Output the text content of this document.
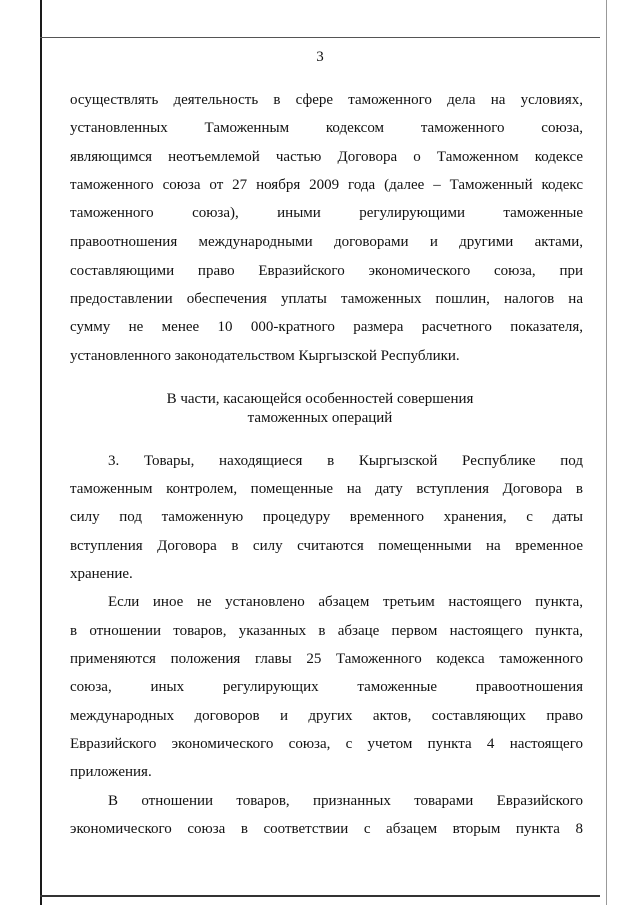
3
осуществлять деятельность в сфере таможенного дела на условиях,
установленных Таможенным кодексом таможенного союза,
являющимся неотъемлемой частью Договора о Таможенном кодексе
таможенного союза от 27 ноября 2009 года (далее – Таможенный кодекс
таможенного союза), иными регулирующими таможенные
правоотношения международными договорами и другими актами,
составляющими право Евразийского экономического союза, при
предоставлении обеспечения уплаты таможенных пошлин, налогов на
сумму не менее 10 000-кратного размера расчетного показателя,
установленного законодательством Кыргызской Республики.
В части, касающейся особенностей совершения
таможенных операций
3. Товары, находящиеся в Кыргызской Республике под
таможенным контролем, помещенные на дату вступления Договора в
силу под таможенную процедуру временного хранения, с даты
вступления Договора в силу считаются помещенными на временное
хранение.
Если иное не установлено абзацем третьим настоящего пункта,
в отношении товаров, указанных в абзаце первом настоящего пункта,
применяются положения главы 25 Таможенного кодекса таможенного
союза, иных регулирующих таможенные правоотношения
международных договоров и других актов, составляющих право
Евразийского экономического союза, с учетом пункта 4 настоящего
приложения.
В отношении товаров, признанных товарами Евразийского
экономического союза в соответствии с абзацем вторым пункта 8
